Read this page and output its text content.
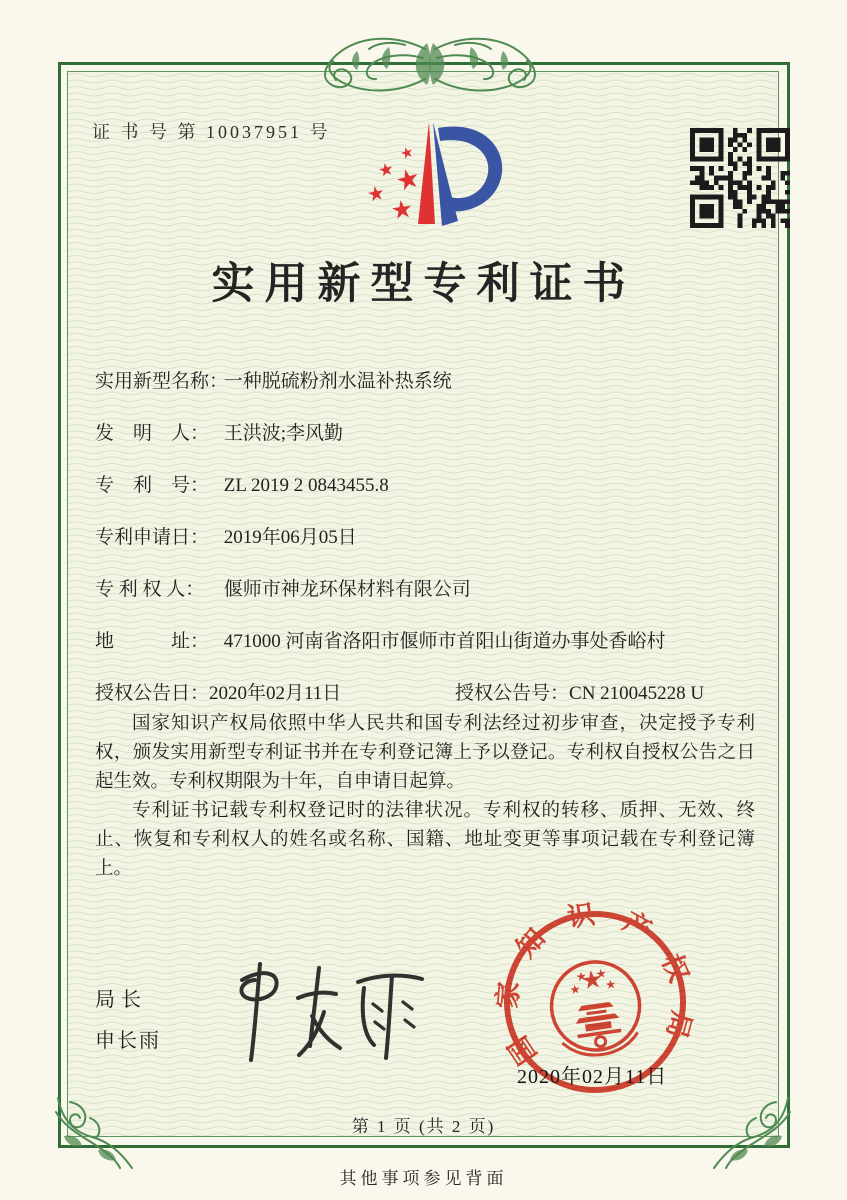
证 书 号 第 10037951 号
实用新型专利证书
实用新型名称： 一种脱硫粉剂水温补热系统
发　明　人： 王洪波;李风勤
专　利　号： ZL 2019 2 0843455.8
专利申请日： 2019年06月05日
专 利 权 人： 偃师市神龙环保材料有限公司
地　　　址： 471000 河南省洛阳市偃师市首阳山街道办事处香峪村
授权公告日：2020年02月11日	授权公告号：CN 210045228 U

国家知识产权局依照中华人民共和国专利法经过初步审查，决定授予专利权，颁发实用新型专利证书并在专利登记簿上予以登记。专利权自授权公告之日起生效。专利权期限为十年，自申请日起算。

专利证书记载专利权登记时的法律状况。专利权的转移、质押、无效、终止、恢复和专利权人的姓名或名称、国籍、地址变更等事项记载在专利登记簿上。

局长
申长雨	国家知识产权局
2020年02月11日
第 1 页 (共 2 页)
其他事项参见背面
